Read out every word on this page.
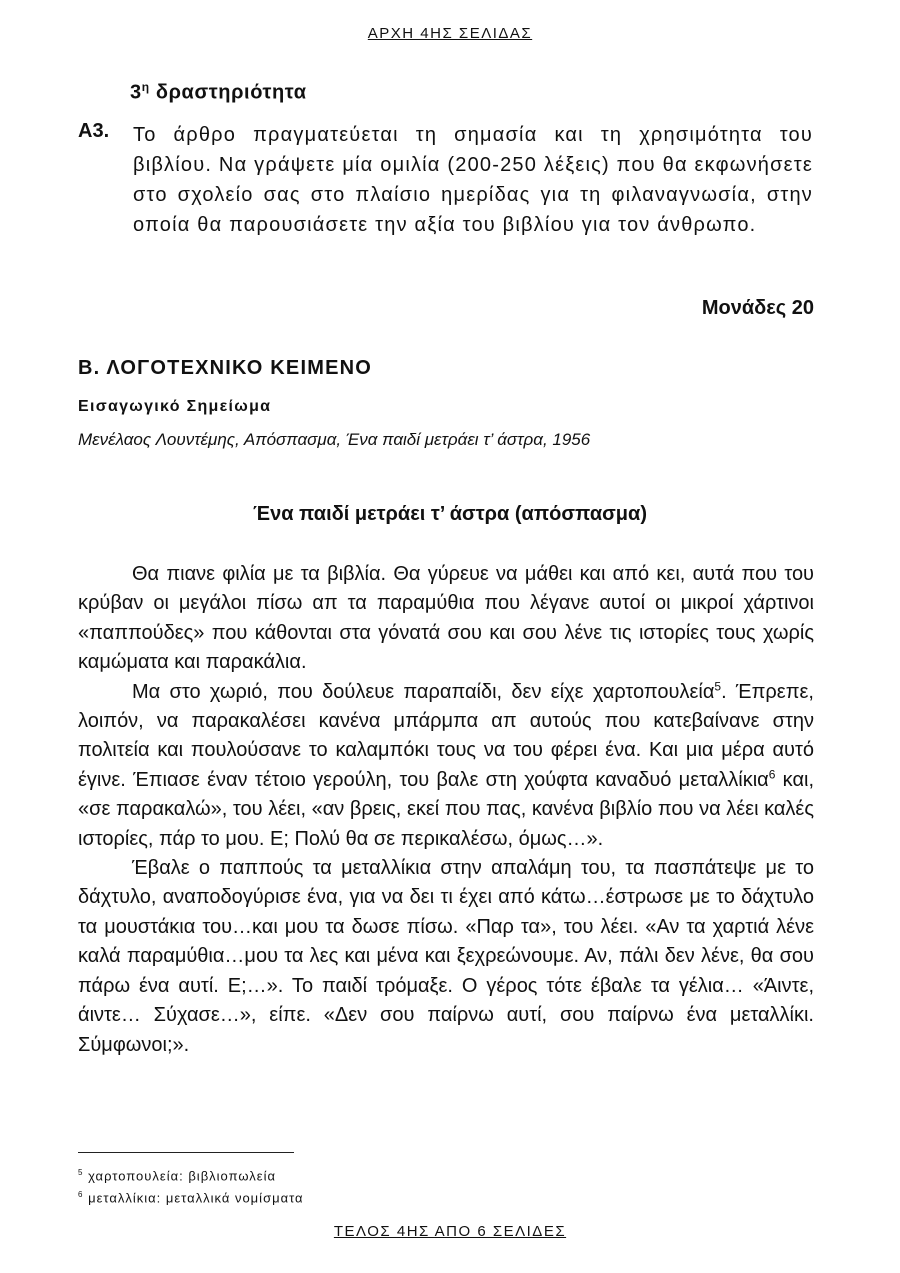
ΑΡΧΗ 4ΗΣ ΣΕΛΙΔΑΣ
$3^\eta$ δραστηριότητα
Α3. Το άρθρο πραγματεύεται τη σημασία και τη χρησιμότητα του βιβλίου. Να γράψετε μία ομιλία (200-250 λέξεις) που θα εκφωνήσετε στο σχολείο σας στο πλαίσιο ημερίδας για τη φιλαναγνωσία, στην οποία θα παρουσιάσετε την αξία του βιβλίου για τον άνθρωπο.
Μονάδες 20
Β. ΛΟΓΟΤΕΧΝΙΚΟ ΚΕΙΜΕΝΟ
Εισαγωγικό Σημείωμα
Μενέλαος Λουντέμης, Απόσπασμα, Ένα παιδί μετράει τ’ άστρα, 1956
Ένα παιδί μετράει τ’ άστρα (απόσπασμα)

Θα πιανε φιλία με τα βιβλία. Θα γύρευε να μάθει και από κει, αυτά που του κρύβαν οι μεγάλοι πίσω απ τα παραμύθια που λέγανε αυτοί οι μικροί χάρτινοι «παππούδες» που κάθονται στα γόνατά σου και σου λένε τις ιστορίες τους χωρίς καμώματα και παρακάλια.

Μα στο χωριό, που δούλευε παραπαίδι, δεν είχε χαρτοπουλεία$^5$. Έπρεπε, λοιπόν, να παρακαλέσει κανένα μπάρμπα απ αυτούς που κατεβαίνανε στην πολιτεία και πουλούσανε το καλαμπόκι τους να του φέρει ένα. Και μια μέρα αυτό έγινε. Έπιασε έναν τέτοιο γερούλη, του βαλε στη χούφτα καναδυό μεταλλίκια$^6$ και, «σε παρακαλώ», του λέει, «αν βρεις, εκεί που πας, κανένα βιβλίο που να λέει καλές ιστορίες, πάρ το μου. Ε; Πολύ θα σε περικαλέσω, όμως…».

Έβαλε ο παππούς τα μεταλλίκια στην απαλάμη του, τα πασπάτεψε με το δάχτυλο, αναποδογύρισε ένα, για να δει τι έχει από κάτω…έστρωσε με το δάχτυλο τα μουστάκια του…και μου τα δωσε πίσω. «Παρ τα», του λέει. «Αν τα χαρτιά λένε καλά παραμύθια…μου τα λες και μένα και ξεχρεώνουμε. Αν, πάλι δεν λένε, θα σου πάρω ένα αυτί. Ε;…». Το παιδί τρόμαξε. Ο γέρος τότε έβαλε τα γέλια… «Άιντε, άιντε… Σύχασε…», είπε. «Δεν σου παίρνω αυτί, σου παίρνω ένα μεταλλίκι. Σύμφωνοι;».

$^5$ χαρτοπουλεία: βιβλιοπωλεία
$^6$ μεταλλίκια: μεταλλικά νομίσματα
ΤΕΛΟΣ 4ΗΣ ΑΠΟ 6 ΣΕΛΙΔΕΣ
